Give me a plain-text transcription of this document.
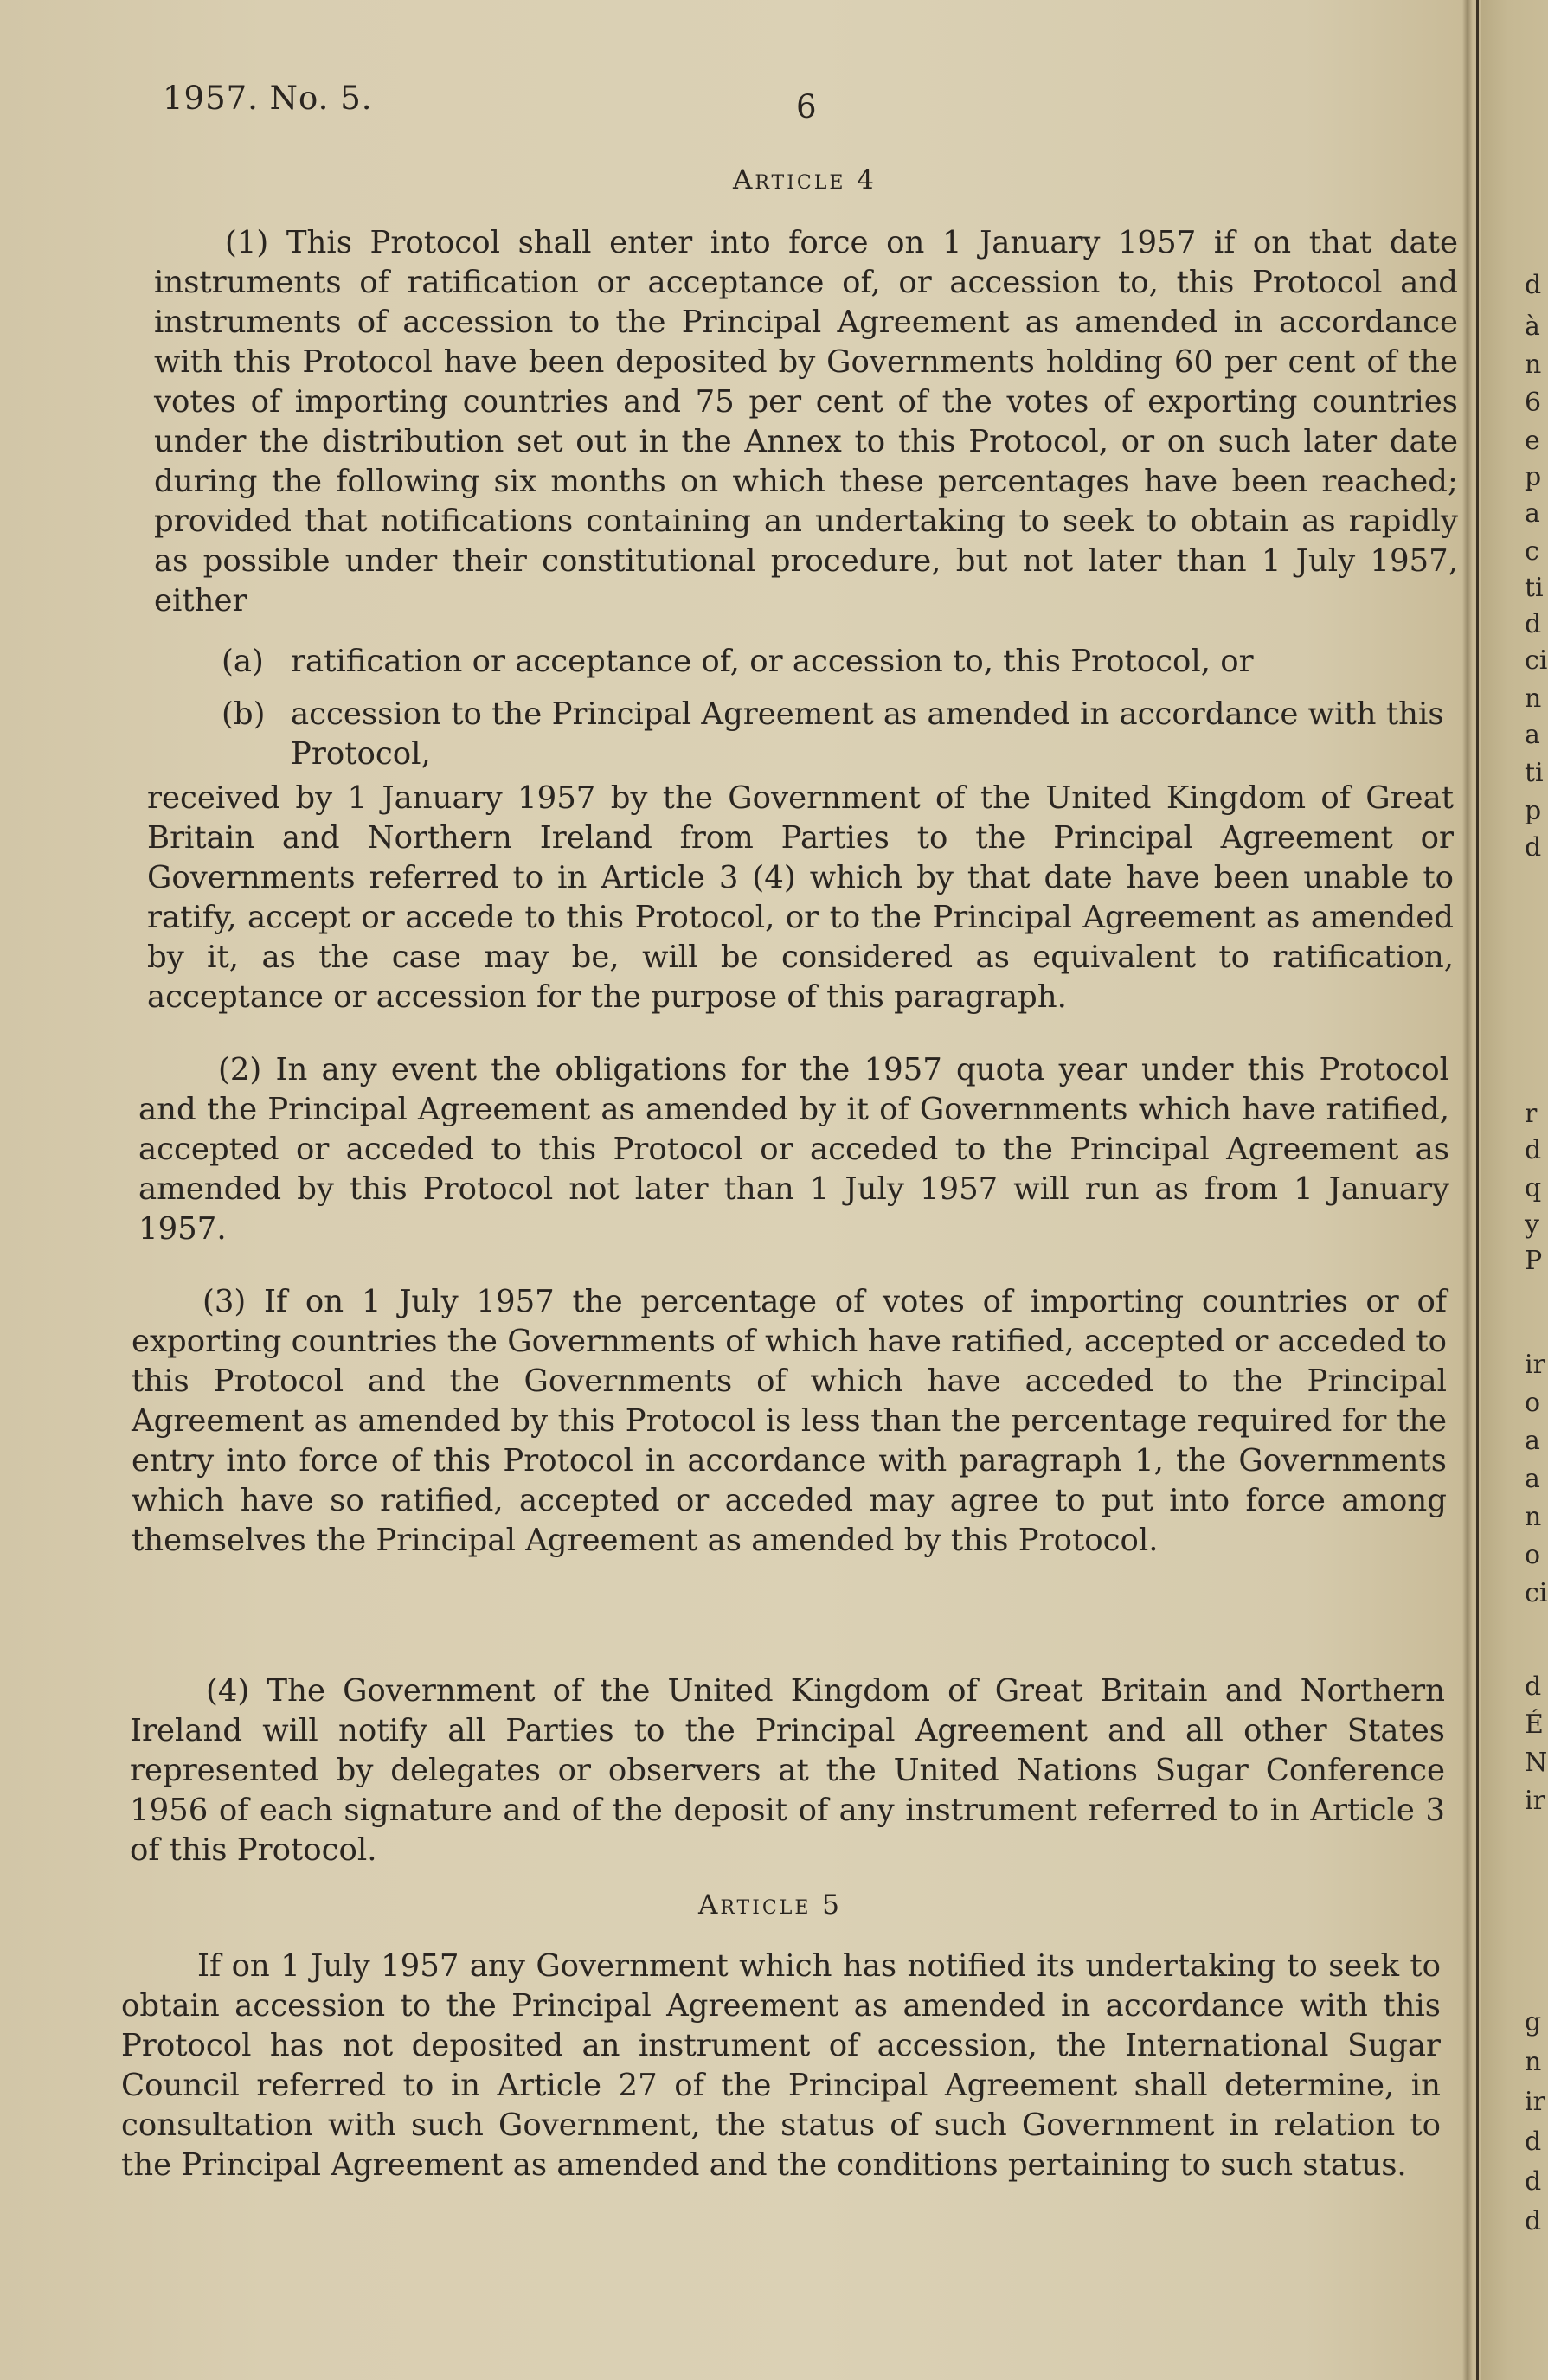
1957. No. 5.	6
Article 4
(1) This Protocol shall enter into force on 1 January 1957 if on that date instruments of ratification or acceptance of, or accession to, this Protocol and instruments of accession to the Principal Agreement as amended in accordance with this Protocol have been deposited by Governments holding 60 per cent of the votes of importing countries and 75 per cent of the votes of exporting countries under the distribution set out in the Annex to this Protocol, or on such later date during the following six months on which these percentages have been reached; provided that notifications containing an undertaking to seek to obtain as rapidly as possible under their constitutional procedure, but not later than 1 July 1957, either
(a) ratification or acceptance of, or accession to, this Protocol, or
(b) accession to the Principal Agreement as amended in accordance with this Protocol,
received by 1 January 1957 by the Government of the United Kingdom of Great Britain and Northern Ireland from Parties to the Principal Agreement or Governments referred to in Article 3 (4) which by that date have been unable to ratify, accept or accede to this Protocol, or to the Principal Agreement as amended by it, as the case may be, will be considered as equivalent to ratification, acceptance or accession for the purpose of this paragraph.
(2) In any event the obligations for the 1957 quota year under this Protocol and the Principal Agreement as amended by it of Governments which have ratified, accepted or acceded to this Protocol or acceded to the Principal Agreement as amended by this Protocol not later than 1 July 1957 will run as from 1 January 1957.
(3) If on 1 July 1957 the percentage of votes of importing countries or of exporting countries the Governments of which have ratified, accepted or acceded to this Protocol and the Governments of which have acceded to the Principal Agreement as amended by this Protocol is less than the percentage required for the entry into force of this Protocol in accordance with paragraph 1, the Governments which have so ratified, accepted or acceded may agree to put into force among themselves the Principal Agreement as amended by this Protocol.
(4) The Government of the United Kingdom of Great Britain and Northern Ireland will notify all Parties to the Principal Agreement and all other States represented by delegates or observers at the United Nations Sugar Conference 1956 of each signature and of the deposit of any instrument referred to in Article 3 of this Protocol.
Article 5
If on 1 July 1957 any Government which has notified its undertaking to seek to obtain accession to the Principal Agreement as amended in accordance with this Protocol has not deposited an instrument of accession, the International Sugar Council referred to in Article 27 of the Principal Agreement shall determine, in consultation with such Government, the status of such Government in relation to the Principal Agreement as amended and the conditions pertaining to such status.
d
à
n
6
e
p
a
c
ti
d
ci
n
a
ti
p
d
r
d
q
y
P
ir
o
a
a
n
o
ci
d
É
N
ir
g
n
ir
d
d
d
